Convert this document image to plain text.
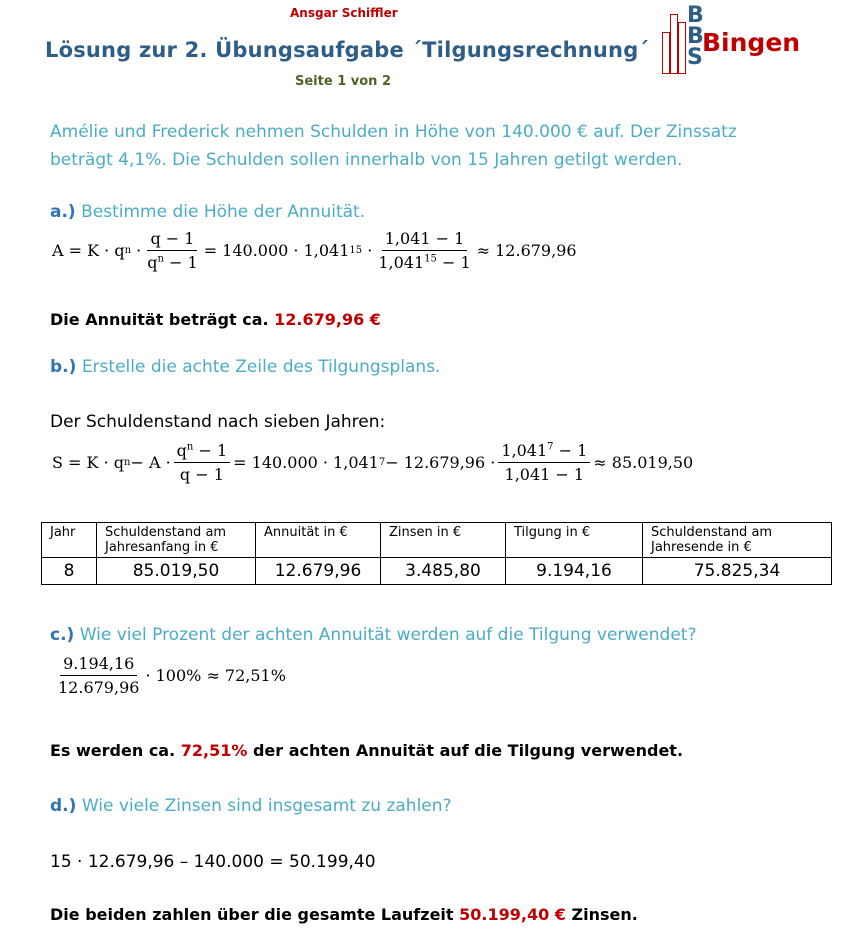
Ansgar Schiffler
Lösung zur 2. Übungsaufgabe ´Tilgungsrechnung´
Seite 1 von 2
B
B
S
Bingen
Amélie und Frederick nehmen Schulden in Höhe von 140.000 € auf. Der Zinssatz
beträgt 4,1%. Die Schulden sollen innerhalb von 15 Jahren getilgt werden.
a.) Bestimme die Höhe der Annuität.
A = K · q $n \cdot \frac{q - 1}{q^n - 1} = 140.000 \cdot 1,041$ $15 \cdot \frac{1,041 - 1}{1,041^{15} - 1} \approx 12.679,96$
Die Annuität beträgt ca. 12.679,96 €
b.) Erstelle die achte Zeile des Tilgungsplans.
Der Schuldenstand nach sieben Jahren:
S = K · q $n - A \cdot \frac{q^n - 1}{q - 1} = 140.000 \cdot 1,041$ $7 - 12.679,96 \cdot \frac{1,041^7 - 1}{1,041 - 1} \approx 85.019,50$
Jahr	Schuldenstand am Jahresanfang in €	Annuität in €	Zinsen in €	Tilgung in €	Schuldenstand am Jahresende in €
8	85.019,50	12.679,96	3.485,80	9.194,16	75.825,34
c.) Wie viel Prozent der achten Annuität werden auf die Tilgung verwendet?
$\frac{9.194,16}{12.679,96} \cdot 100\% \approx 72,51\%$
Es werden ca. 72,51% der achten Annuität auf die Tilgung verwendet.
d.) Wie viele Zinsen sind insgesamt zu zahlen?
15 · 12.679,96 – 140.000 = 50.199,40
Die beiden zahlen über die gesamte Laufzeit 50.199,40 € Zinsen.
